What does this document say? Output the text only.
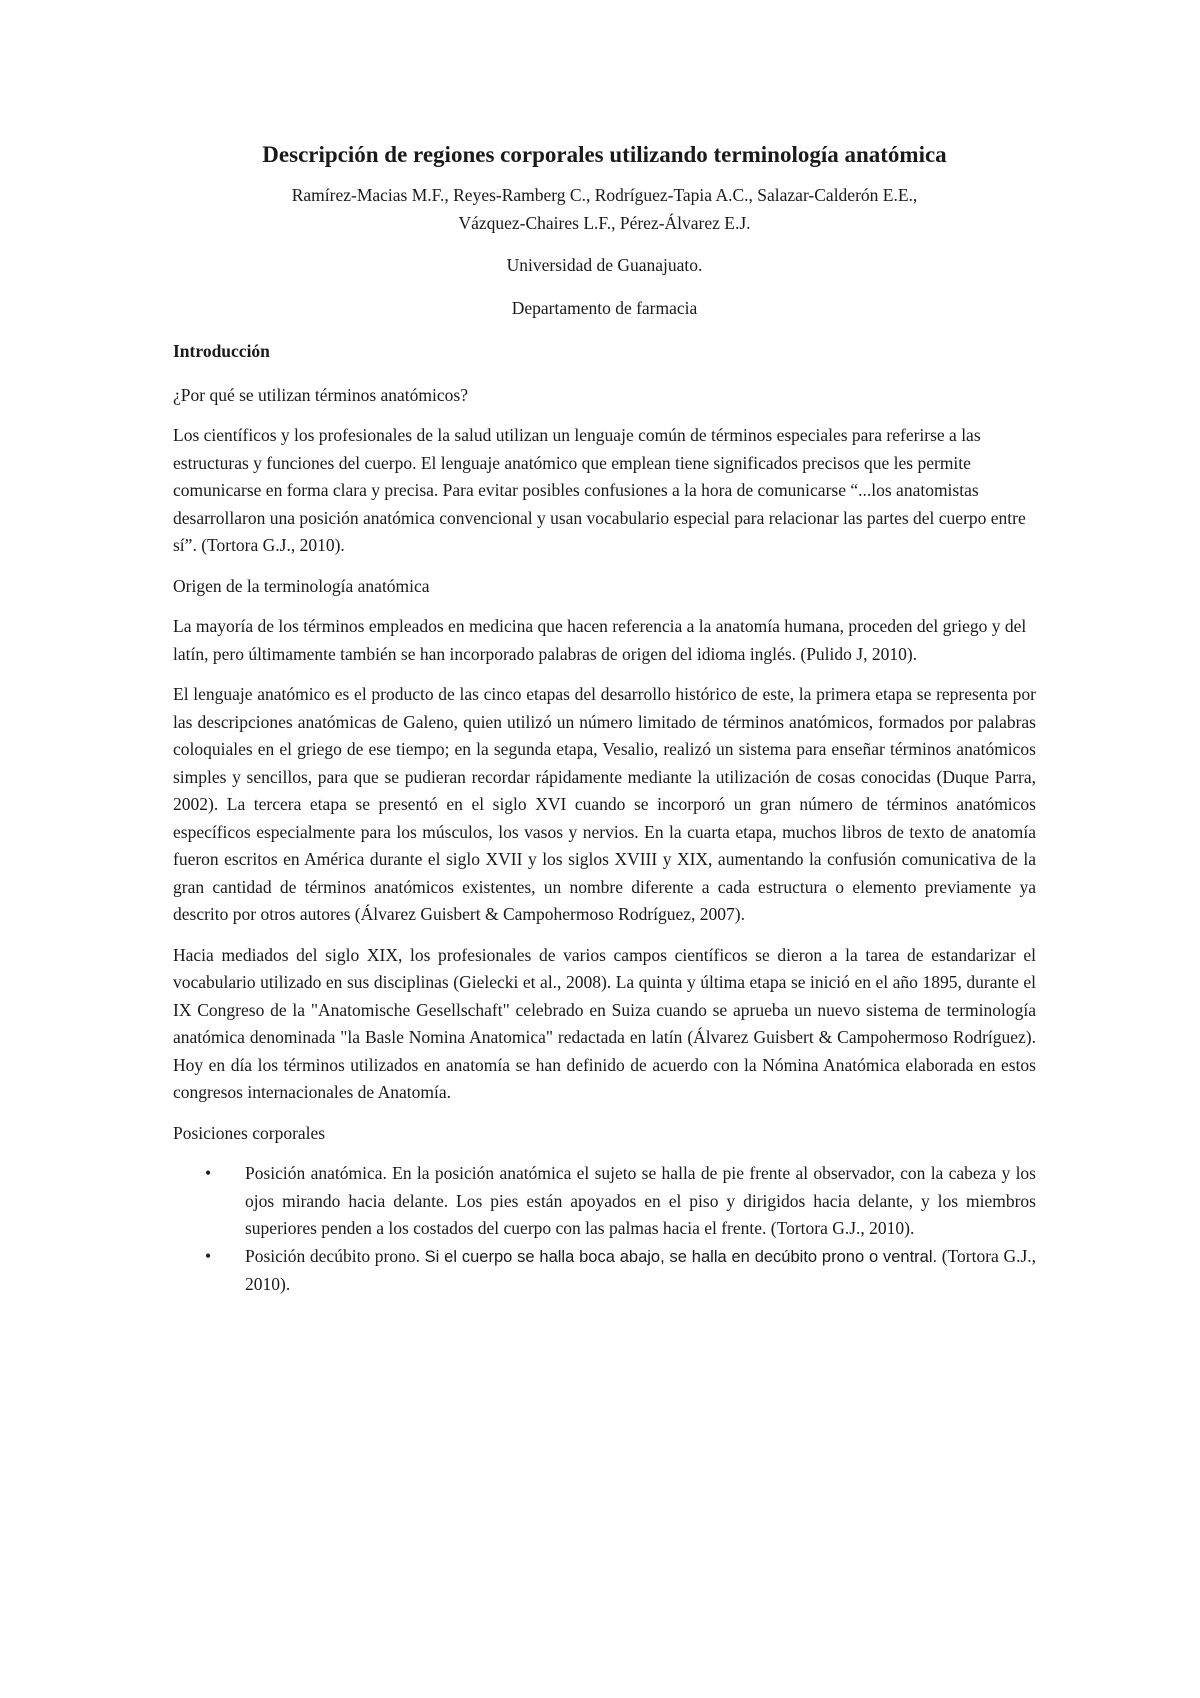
Descripción de regiones corporales utilizando terminología anatómica

Ramírez-Macias M.F., Reyes-Ramberg C., Rodríguez-Tapia A.C., Salazar-Calderón E.E.,

Vázquez-Chaires L.F., Pérez-Álvarez E.J.

Universidad de Guanajuato.

Departamento de farmacia

Introducción

¿Por qué se utilizan términos anatómicos?

Los científicos y los profesionales de la salud utilizan un lenguaje común de términos especiales para referirse a las estructuras y funciones del cuerpo. El lenguaje anatómico que emplean tiene significados precisos que les permite comunicarse en forma clara y precisa. Para evitar posibles confusiones a la hora de comunicarse “...los anatomistas desarrollaron una posición anatómica convencional y usan vocabulario especial para relacionar las partes del cuerpo entre sí”. (Tortora G.J., 2010).

Origen de la terminología anatómica

La mayoría de los términos empleados en medicina que hacen referencia a la anatomía humana, proceden del griego y del latín, pero últimamente también se han incorporado palabras de origen del idioma inglés. (Pulido J, 2010).

El lenguaje anatómico es el producto de las cinco etapas del desarrollo histórico de este, la primera etapa se representa por las descripciones anatómicas de Galeno, quien utilizó un número limitado de términos anatómicos, formados por palabras coloquiales en el griego de ese tiempo; en la segunda etapa, Vesalio, realizó un sistema para enseñar términos anatómicos simples y sencillos, para que se pudieran recordar rápidamente mediante la utilización de cosas conocidas (Duque Parra, 2002). La tercera etapa se presentó en el siglo XVI cuando se incorporó un gran número de términos anatómicos específicos especialmente para los músculos, los vasos y nervios. En la cuarta etapa, muchos libros de texto de anatomía fueron escritos en América durante el siglo XVII y los siglos XVIII y XIX, aumentando la confusión comunicativa de la gran cantidad de términos anatómicos existentes, un nombre diferente a cada estructura o elemento previamente ya descrito por otros autores (Álvarez Guisbert & Campohermoso Rodríguez, 2007).

Hacia mediados del siglo XIX, los profesionales de varios campos científicos se dieron a la tarea de estandarizar el vocabulario utilizado en sus disciplinas (Gielecki et al., 2008). La quinta y última etapa se inició en el año 1895, durante el IX Congreso de la "Anatomische Gesellschaft" celebrado en Suiza cuando se aprueba un nuevo sistema de terminología anatómica denominada "la Basle Nomina Anatomica" redactada en latín (Álvarez Guisbert & Campohermoso Rodríguez). Hoy en día los términos utilizados en anatomía se han definido de acuerdo con la Nómina Anatómica elaborada en estos congresos internacionales de Anatomía.

Posiciones corporales

• Posición anatómica. En la posición anatómica el sujeto se halla de pie frente al observador, con la cabeza y los ojos mirando hacia delante. Los pies están apoyados en el piso y dirigidos hacia delante, y los miembros superiores penden a los costados del cuerpo con las palmas hacia el frente. (Tortora G.J., 2010).
• Posición decúbito prono. Si el cuerpo se halla boca abajo, se halla en decúbito prono o ventral. (Tortora G.J., 2010).
